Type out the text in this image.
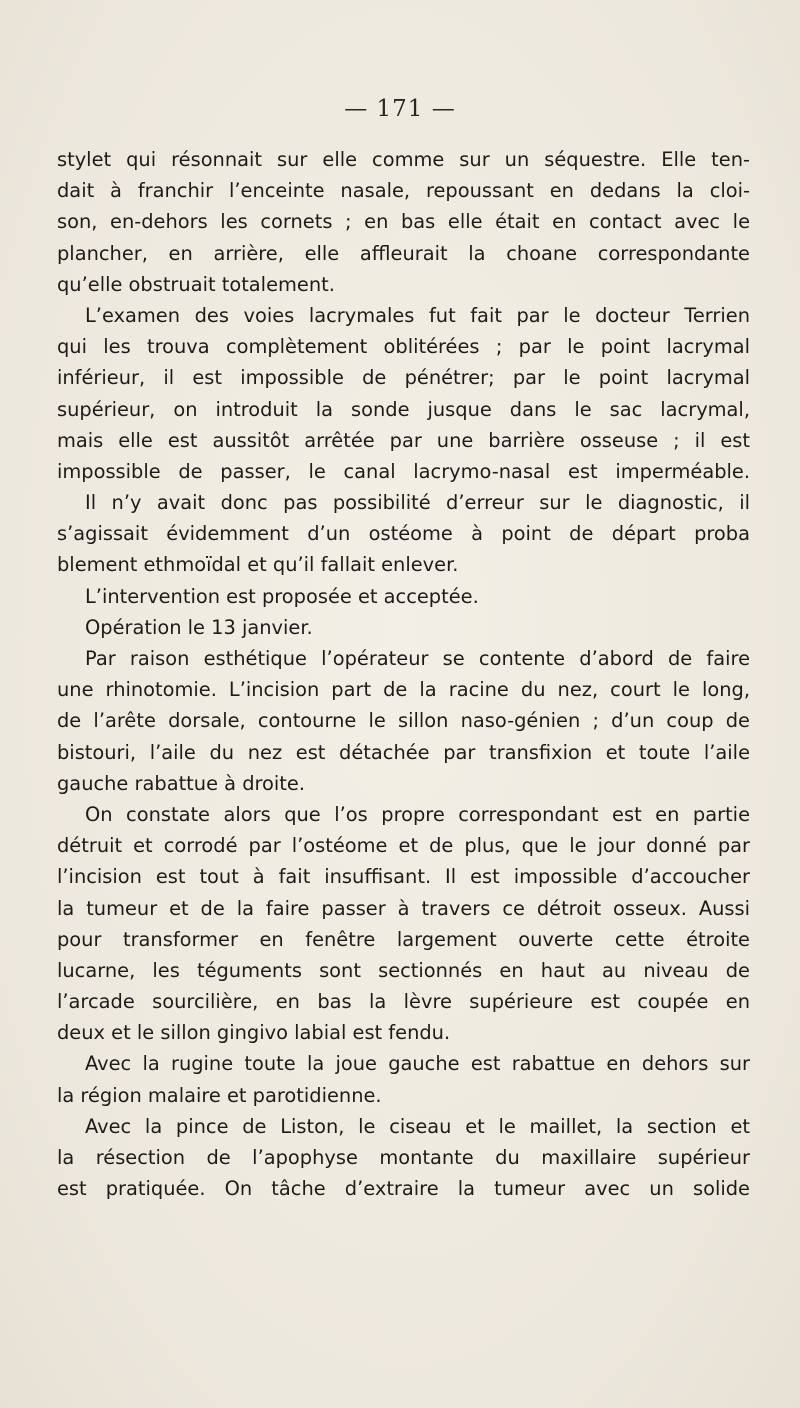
— 171 —
stylet qui résonnait sur elle comme sur un séquestre. Elle ten-
dait à franchir l’enceinte nasale, repoussant en dedans la cloi-
son, en-dehors les cornets ; en bas elle était en contact avec le
plancher, en arrière, elle affleurait la choane correspondante
qu’elle obstruait totalement.
L’examen des voies lacrymales fut fait par le docteur Terrien
qui les trouva complètement oblitérées ; par le point lacrymal
inférieur, il est impossible de pénétrer; par le point lacrymal
supérieur, on introduit la sonde jusque dans le sac lacrymal,
mais elle est aussitôt arrêtée par une barrière osseuse ; il est
impossible de passer, le canal lacrymo-nasal est imperméable.
Il n’y avait donc pas possibilité d’erreur sur le diagnostic, il
s’agissait évidemment d’un ostéome à point de départ proba
blement ethmoïdal et qu’il fallait enlever.
L’intervention est proposée et acceptée.
Opération le 13 janvier.
Par raison esthétique l’opérateur se contente d’abord de faire
une rhinotomie. L’incision part de la racine du nez, court le long,
de l’arête dorsale, contourne le sillon naso-génien ; d’un coup de
bistouri, l’aile du nez est détachée par transfixion et toute l’aile
gauche rabattue à droite.
On constate alors que l’os propre correspondant est en partie
détruit et corrodé par l’ostéome et de plus, que le jour donné par
l’incision est tout à fait insuffisant. Il est impossible d’accoucher
la tumeur et de la faire passer à travers ce détroit osseux. Aussi
pour transformer en fenêtre largement ouverte cette étroite
lucarne, les téguments sont sectionnés en haut au niveau de
l’arcade sourcilière, en bas la lèvre supérieure est coupée en
deux et le sillon gingivo labial est fendu.
Avec la rugine toute la joue gauche est rabattue en dehors sur
la région malaire et parotidienne.
Avec la pince de Liston, le ciseau et le maillet, la section et
la résection de l’apophyse montante du maxillaire supérieur
est pratiquée. On tâche d’extraire la tumeur avec un solide
